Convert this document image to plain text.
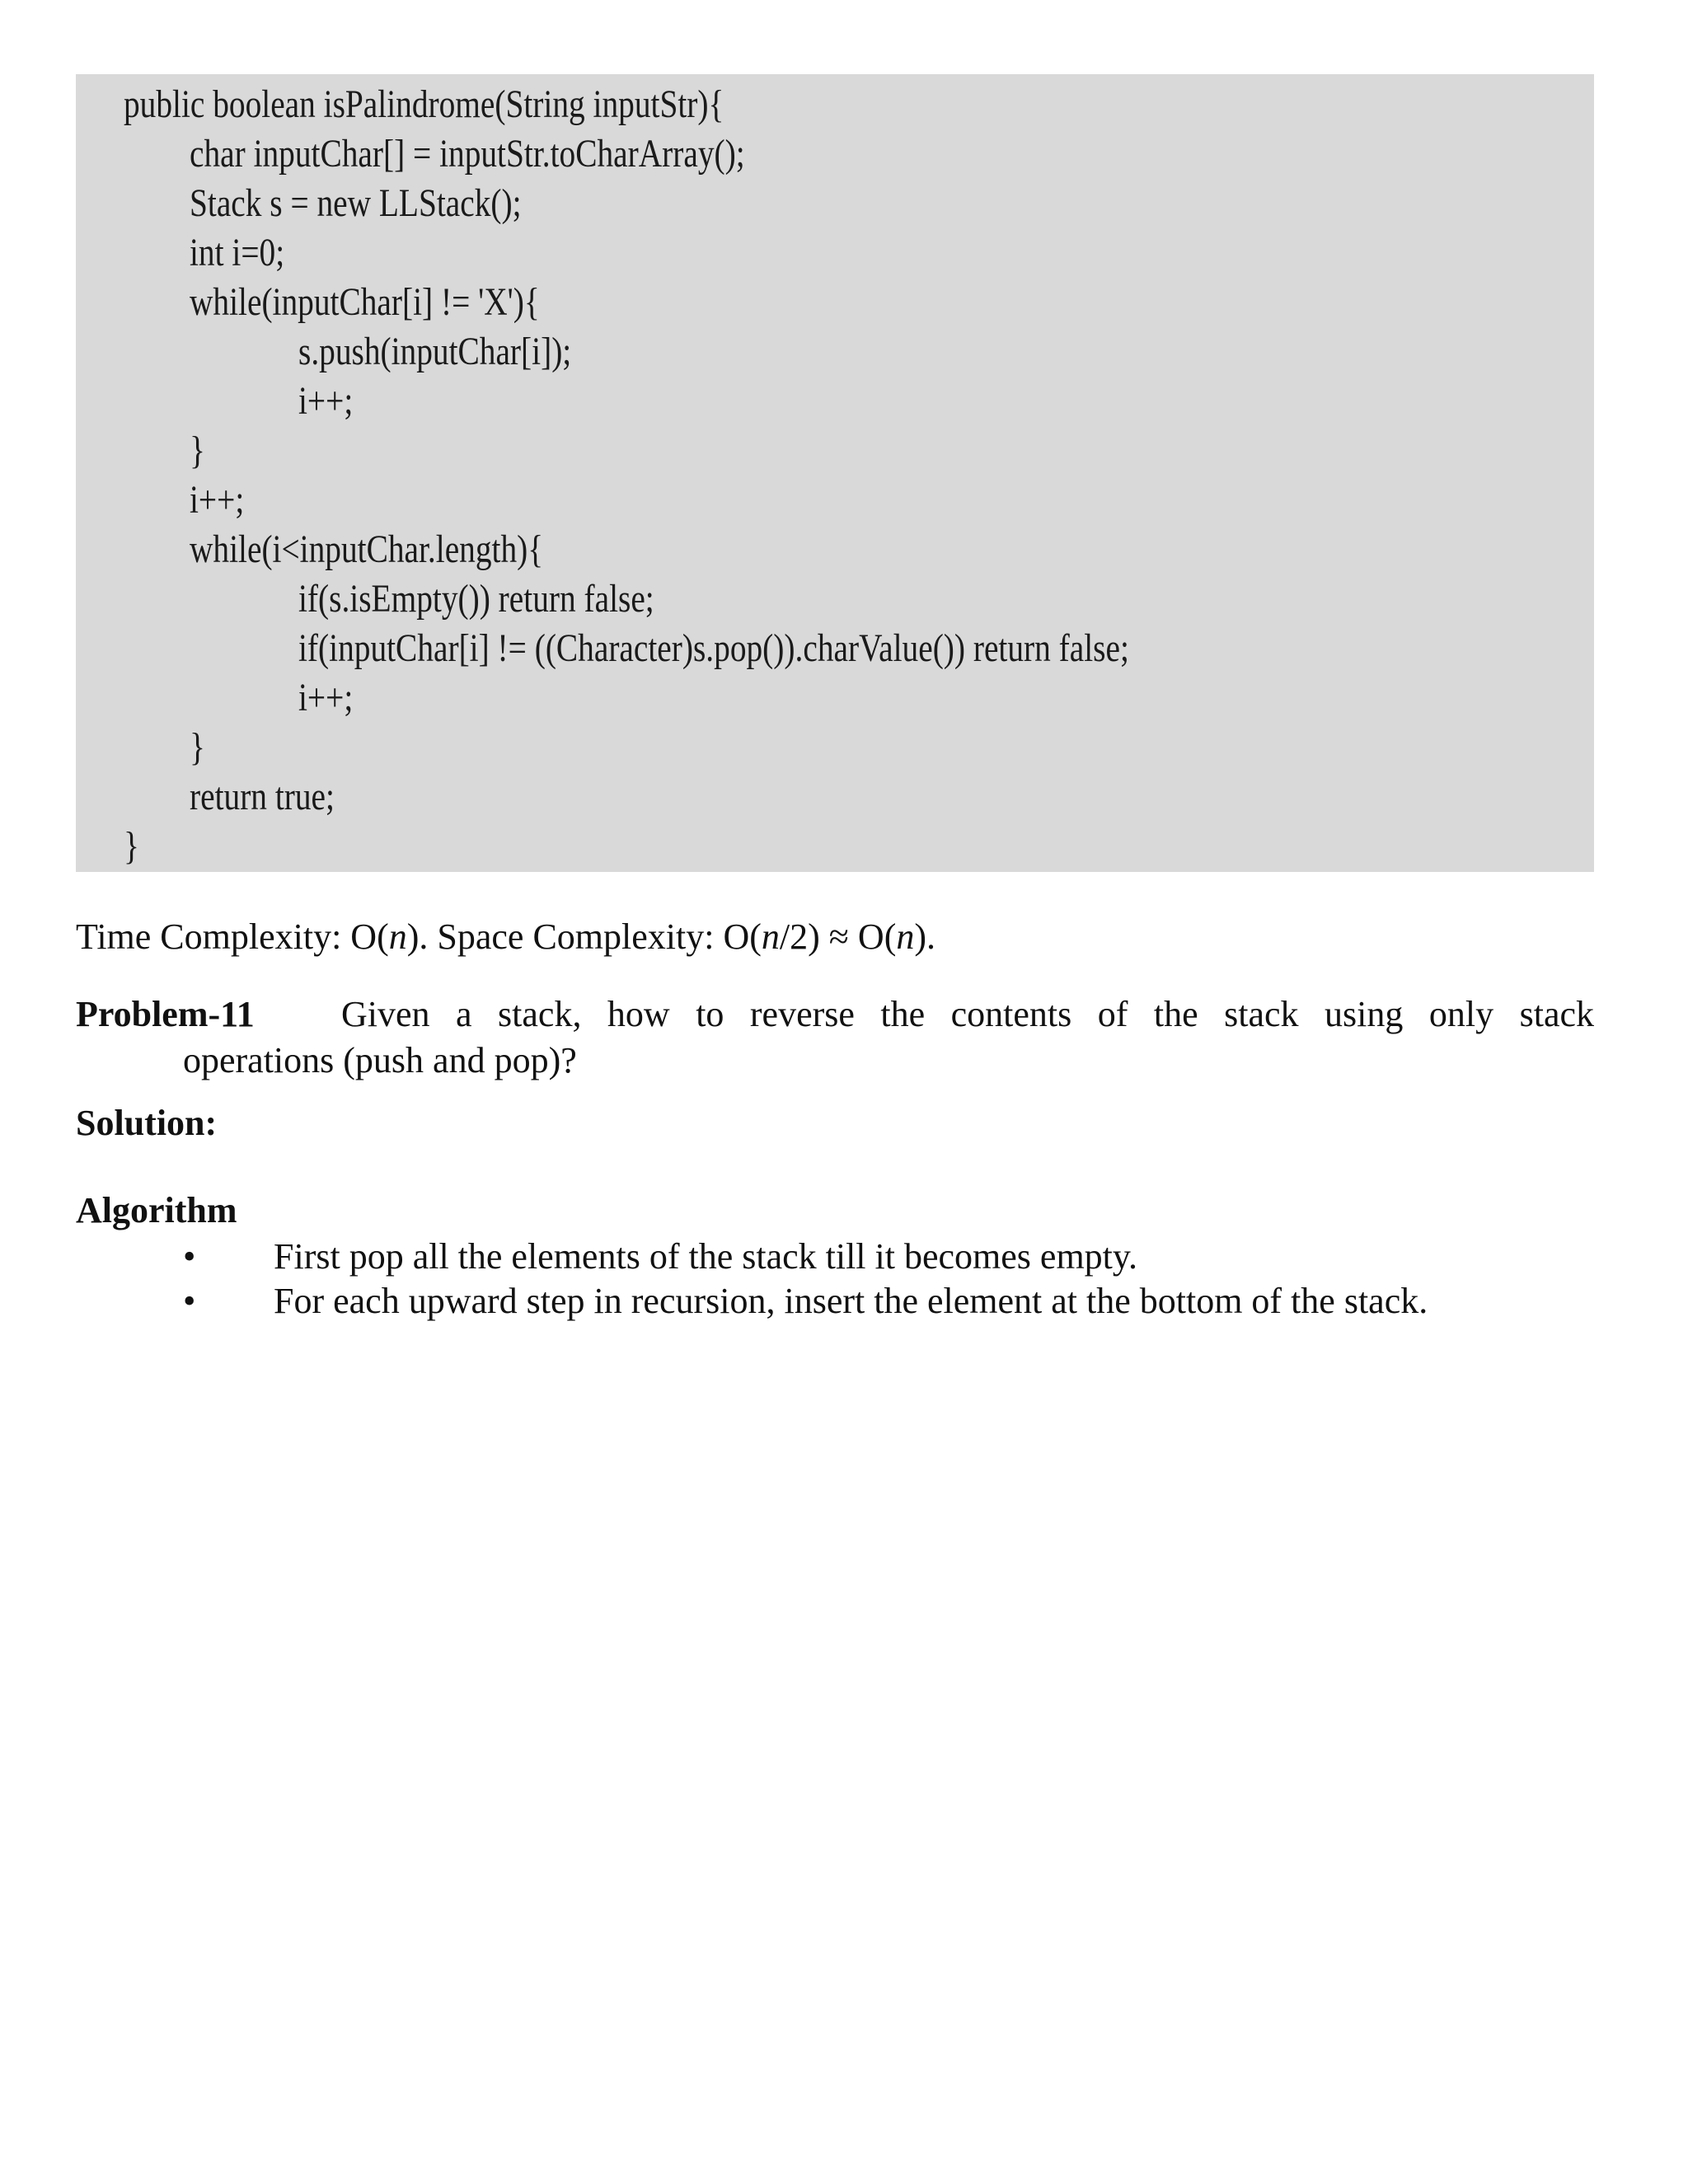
public boolean isPalindrome(String inputStr){
char inputChar[] = inputStr.toCharArray();
Stack s = new LLStack();
int i=0;
while(inputChar[i] != 'X'){
s.push(inputChar[i]);
i++;
}
i++;
while(i<inputChar.length){
if(s.isEmpty()) return false;
if(inputChar[i] != ((Character)s.pop()).charValue()) return false;
i++;
}
return true;
}
Time Complexity: O(n). Space Complexity: O(n/2) ≈ O(n).
Problem-11	Given a stack, how to reverse the contents of the stack using only stack
operations (push and pop)?
Solution:
Algorithm
• First pop all the elements of the stack till it becomes empty.
• For each upward step in recursion, insert the element at the bottom of the stack.
